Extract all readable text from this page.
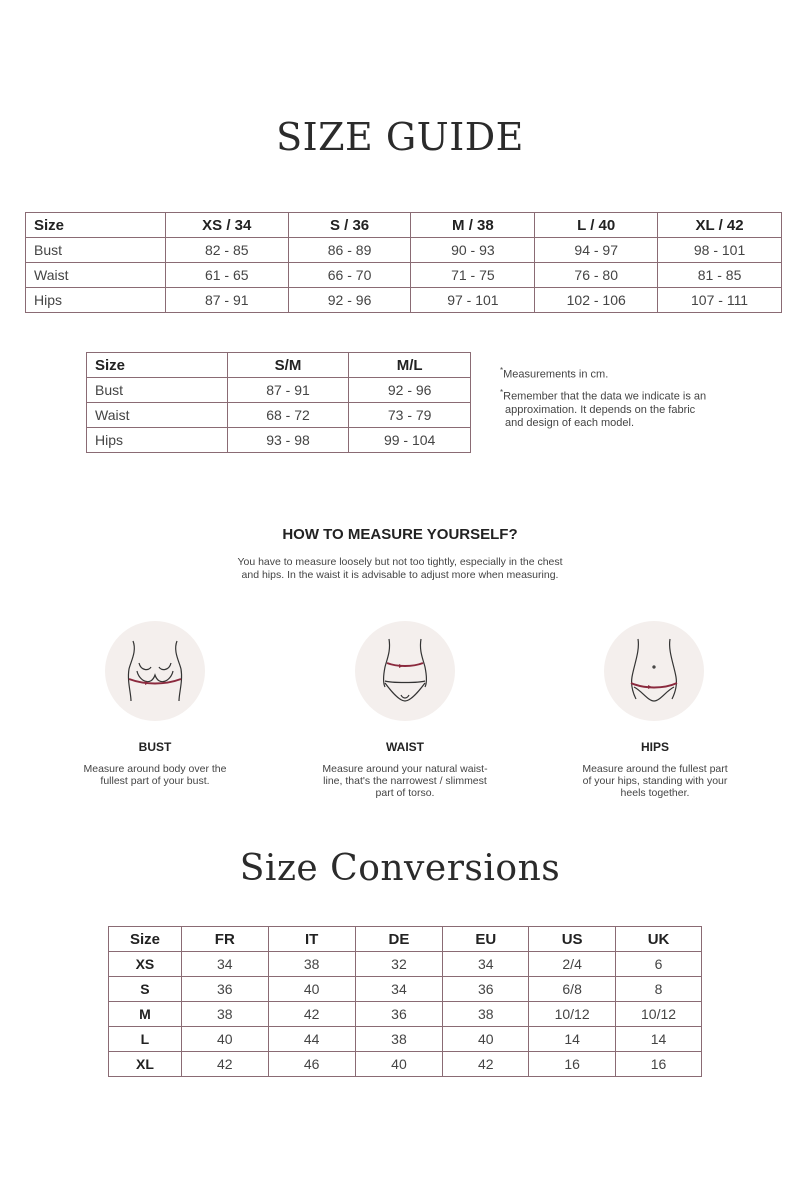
SIZE GUIDE
Size	XS / 34	S / 36	M / 38	L / 40	XL / 42
Bust	82 - 85	86 - 89	90 - 93	94 - 97	98 - 101
Waist	61 - 65	66 - 70	71 - 75	76 - 80	81 - 85
Hips	87 - 91	92 - 96	97 - 101	102 - 106	107 - 111
Size	S/M	M/L
Bust	87 - 91	92 - 96
Waist	68 - 72	73 - 79
Hips	93 - 98	99 - 104
*Measurements in cm.
*Remember that the data we indicate is an
approximation. It depends on the fabric
and design of each model.
HOW TO MEASURE YOURSELF?
You have to measure loosely but not too tightly, especially in the chest
and hips. In the waist it is advisable to adjust more when measuring.
BUST
Measure around body over the
fullest part of your bust.
WAIST
Measure around your natural waist-
line, that's the narrowest / slimmest
part of torso.
HIPS
Measure around the fullest part
of your hips, standing with your
heels together.
Size Conversions
Size	FR	IT	DE	EU	US	UK
XS	34	38	32	34	2/4	6
S	36	40	34	36	6/8	8
M	38	42	36	38	10/12	10/12
L	40	44	38	40	14	14
XL	42	46	40	42	16	16
